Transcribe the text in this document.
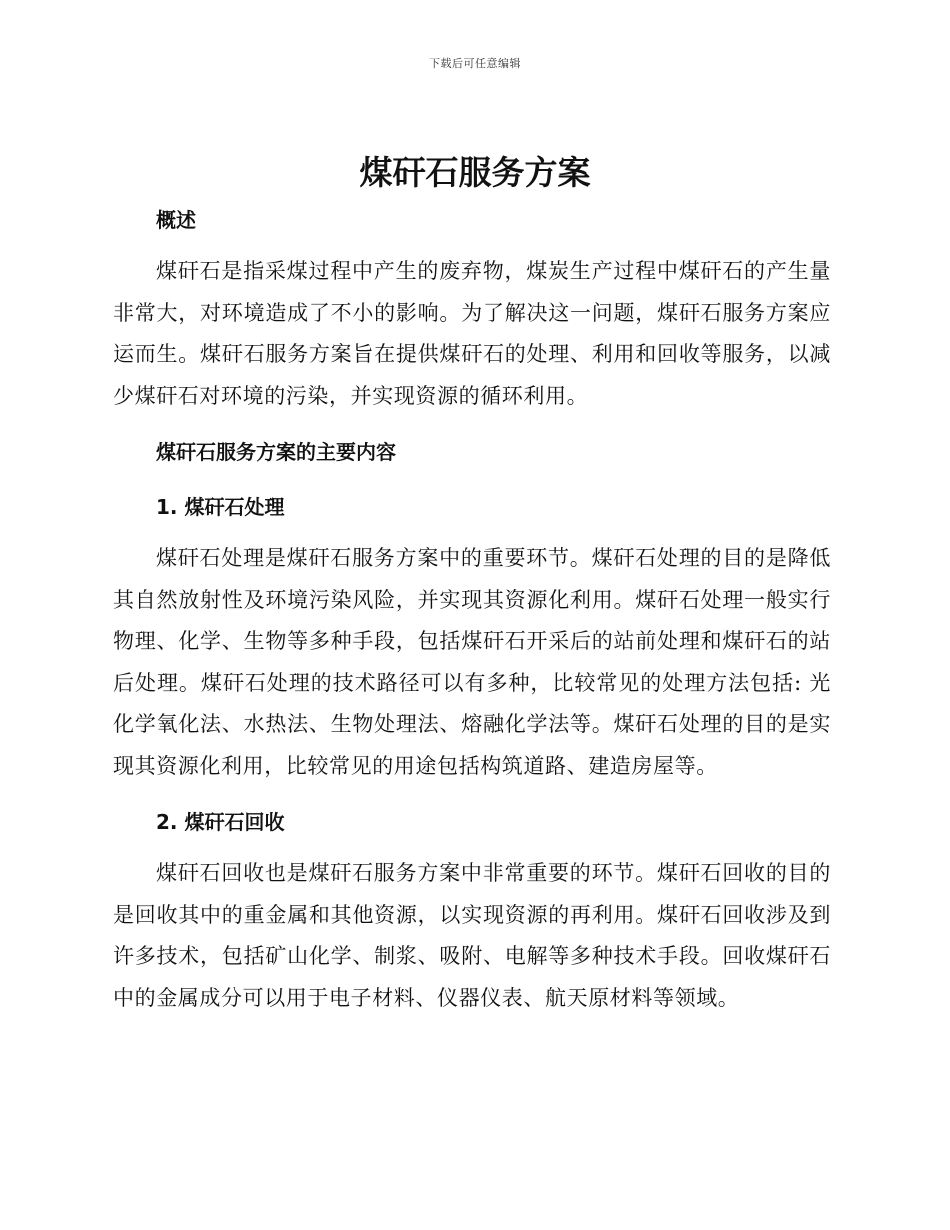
下载后可任意编辑
煤矸石服务方案
概述

煤矸石是指采煤过程中产生的废弃物，煤炭生产过程中煤矸石的产生量非常大，对环境造成了不小的影响。为了解决这一问题，煤矸石服务方案应运而生。煤矸石服务方案旨在提供煤矸石的处理、利用和回收等服务，以减少煤矸石对环境的污染，并实现资源的循环利用。

煤矸石服务方案的主要内容
1. 煤矸石处理

煤矸石处理是煤矸石服务方案中的重要环节。煤矸石处理的目的是降低其自然放射性及环境污染风险，并实现其资源化利用。煤矸石处理一般实行物理、化学、生物等多种手段，包括煤矸石开采后的站前处理和煤矸石的站后处理。煤矸石处理的技术路径可以有多种，比较常见的处理方法包括: 光化学氧化法、水热法、生物处理法、熔融化学法等。煤矸石处理的目的是实现其资源化利用，比较常见的用途包括构筑道路、建造房屋等。

2. 煤矸石回收

煤矸石回收也是煤矸石服务方案中非常重要的环节。煤矸石回收的目的是回收其中的重金属和其他资源，以实现资源的再利用。煤矸石回收涉及到许多技术，包括矿山化学、制浆、吸附、电解等多种技术手段。回收煤矸石中的金属成分可以用于电子材料、仪器仪表、航天原材料等领域。
